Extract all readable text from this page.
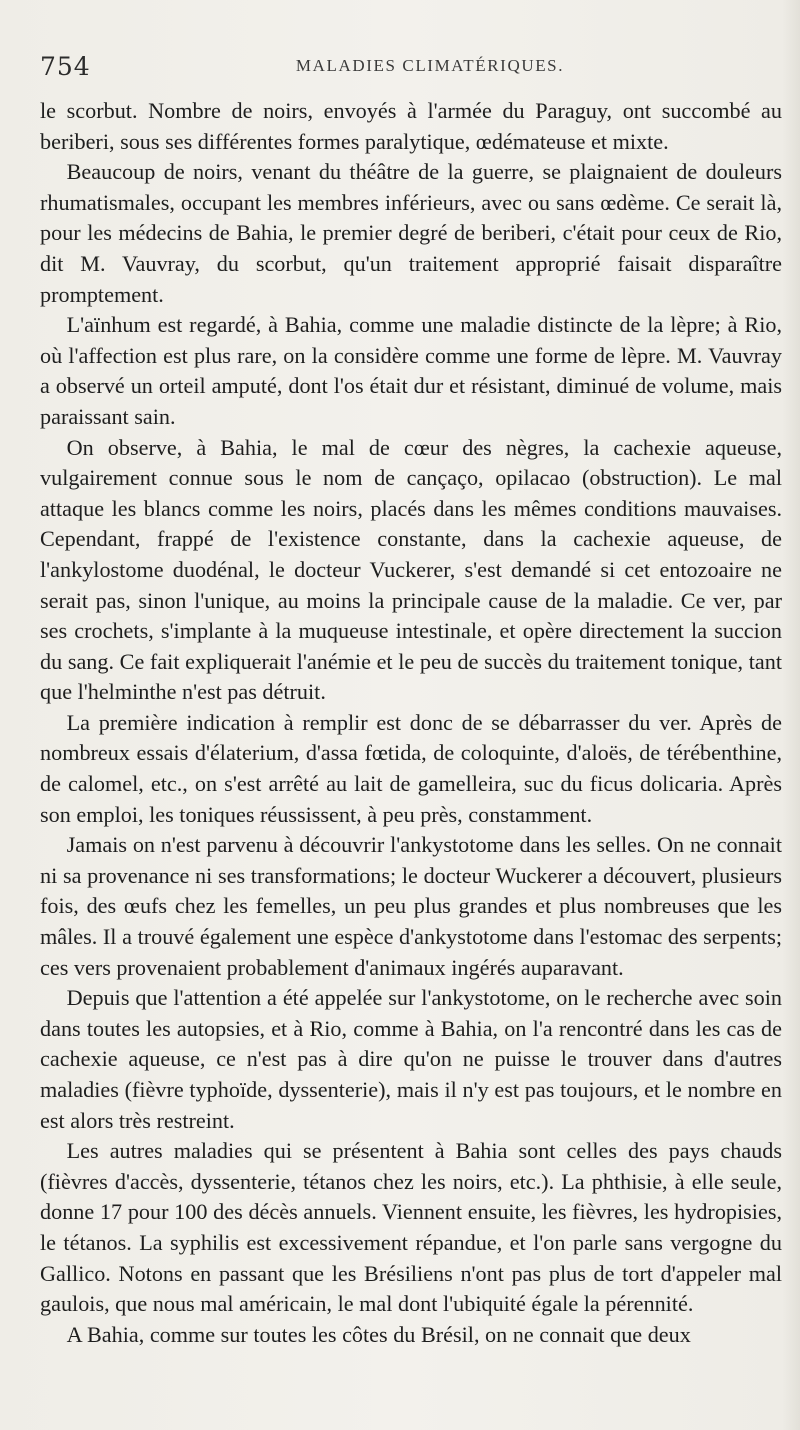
754	MALADIES CLIMATÉRIQUES.

le scorbut. Nombre de noirs, envoyés à l'armée du Paraguy, ont succombé au beriberi, sous ses différentes formes paralytique, œdémateuse et mixte.

Beaucoup de noirs, venant du théâtre de la guerre, se plaignaient de douleurs rhumatismales, occupant les membres inférieurs, avec ou sans œdème. Ce serait là, pour les médecins de Bahia, le premier degré de beriberi, c'était pour ceux de Rio, dit M. Vauvray, du scorbut, qu'un traitement approprié faisait disparaître promptement.

L'aïnhum est regardé, à Bahia, comme une maladie distincte de la lèpre; à Rio, où l'affection est plus rare, on la considère comme une forme de lèpre. M. Vauvray a observé un orteil amputé, dont l'os était dur et résistant, diminué de volume, mais paraissant sain.

On observe, à Bahia, le mal de cœur des nègres, la cachexie aqueuse, vulgairement connue sous le nom de cançaço, opilacao (obstruction). Le mal attaque les blancs comme les noirs, placés dans les mêmes conditions mauvaises. Cependant, frappé de l'existence constante, dans la cachexie aqueuse, de l'ankylostome duodénal, le docteur Vuckerer, s'est demandé si cet entozoaire ne serait pas, sinon l'unique, au moins la principale cause de la maladie. Ce ver, par ses crochets, s'implante à la muqueuse intestinale, et opère directement la succion du sang. Ce fait expliquerait l'anémie et le peu de succès du traitement tonique, tant que l'helminthe n'est pas détruit.

La première indication à remplir est donc de se débarrasser du ver. Après de nombreux essais d'élaterium, d'assa fœtida, de coloquinte, d'aloës, de térébenthine, de calomel, etc., on s'est arrêté au lait de gamelleira, suc du ficus dolicaria. Après son emploi, les toniques réussissent, à peu près, constamment.

Jamais on n'est parvenu à découvrir l'ankystotome dans les selles. On ne connait ni sa provenance ni ses transformations; le docteur Wuckerer a découvert, plusieurs fois, des œufs chez les femelles, un peu plus grandes et plus nombreuses que les mâles. Il a trouvé également une espèce d'ankystotome dans l'estomac des serpents; ces vers provenaient probablement d'animaux ingérés auparavant.

Depuis que l'attention a été appelée sur l'ankystotome, on le recherche avec soin dans toutes les autopsies, et à Rio, comme à Bahia, on l'a rencontré dans les cas de cachexie aqueuse, ce n'est pas à dire qu'on ne puisse le trouver dans d'autres maladies (fièvre typhoïde, dyssenterie), mais il n'y est pas toujours, et le nombre en est alors très restreint.

Les autres maladies qui se présentent à Bahia sont celles des pays chauds (fièvres d'accès, dyssenterie, tétanos chez les noirs, etc.). La phthisie, à elle seule, donne 17 pour 100 des décès annuels. Viennent ensuite, les fièvres, les hydropisies, le tétanos. La syphilis est excessivement répandue, et l'on parle sans vergogne du Gallico. Notons en passant que les Brésiliens n'ont pas plus de tort d'appeler mal gaulois, que nous mal américain, le mal dont l'ubiquité égale la pérennité.

A Bahia, comme sur toutes les côtes du Brésil, on ne connait que deux
